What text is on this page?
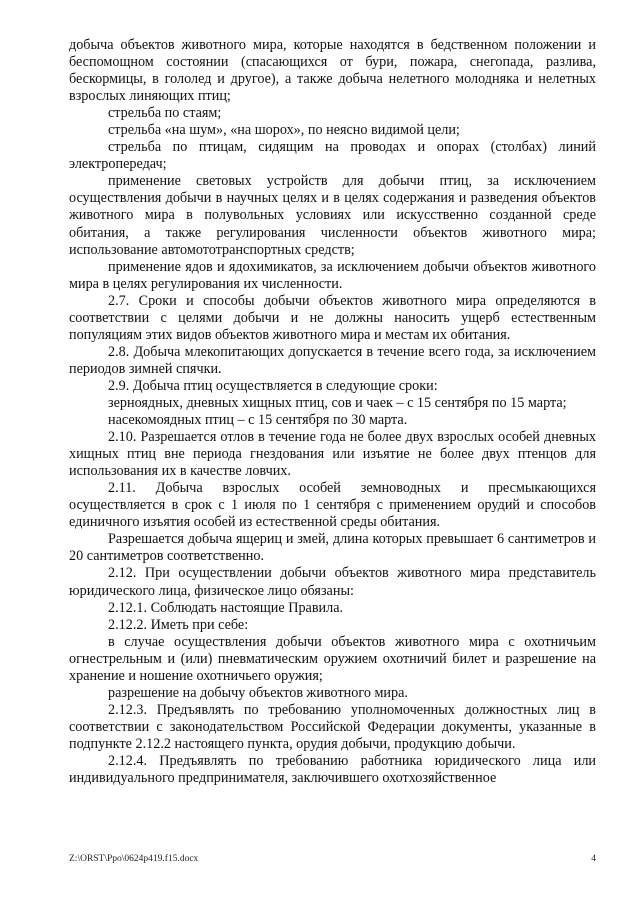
добыча объектов животного мира, которые находятся в бедственном положении и беспомощном состоянии (спасающихся от бури, пожара, снегопада, разлива, бескормицы, в гололед и другое), а также добыча нелетного молодняка и нелетных взрослых линяющих птиц;

стрельба по стаям;

стрельба «на шум», «на шорох», по неясно видимой цели;

стрельба по птицам, сидящим на проводах и опорах (столбах) линий электропередач;

применение световых устройств для добычи птиц, за исключением осуществления добычи в научных целях и в целях содержания и разведения объектов животного мира в полувольных условиях или искусственно созданной среде обитания, а также регулирования численности объектов животного мира; использование автомототранспортных средств;

применение ядов и ядохимикатов, за исключением добычи объектов животного мира в целях регулирования их численности.

2.7. Сроки и способы добычи объектов животного мира определяются в соответствии с целями добычи и не должны наносить ущерб естественным популяциям этих видов объектов животного мира и местам их обитания.

2.8. Добыча млекопитающих допускается в течение всего года, за исключением периодов зимней спячки.

2.9. Добыча птиц осуществляется в следующие сроки:

зерноядных, дневных хищных птиц, сов и чаек – с 15 сентября по 15 марта;

насекомоядных птиц – с 15 сентября по 30 марта.

2.10. Разрешается отлов в течение года не более двух взрослых особей дневных хищных птиц вне периода гнездования или изъятие не более двух птенцов для использования их в качестве ловчих.

2.11. Добыча взрослых особей земноводных и пресмыкающихся осуществляется в срок с 1 июля по 1 сентября с применением орудий и способов единичного изъятия особей из естественной среды обитания.

Разрешается добыча ящериц и змей, длина которых превышает 6 сантиметров и 20 сантиметров соответственно.

2.12. При осуществлении добычи объектов животного мира представитель юридического лица, физическое лицо обязаны:

2.12.1. Соблюдать настоящие Правила.

2.12.2. Иметь при себе:

в случае осуществления добычи объектов животного мира с охотничьим огнестрельным и (или) пневматическим оружием охотничий билет и разрешение на хранение и ношение охотничьего оружия;

разрешение на добычу объектов животного мира.

2.12.3. Предъявлять по требованию уполномоченных должностных лиц в соответствии с законодательством Российской Федерации документы, указанные в подпункте 2.12.2 настоящего пункта, орудия добычи, продукцию добычи.

2.12.4. Предъявлять по требованию работника юридического лица или индивидуального предпринимателя, заключившего охотхозяйственное

Z:\ORST\Ppo\0624p419.f15.docx	4
